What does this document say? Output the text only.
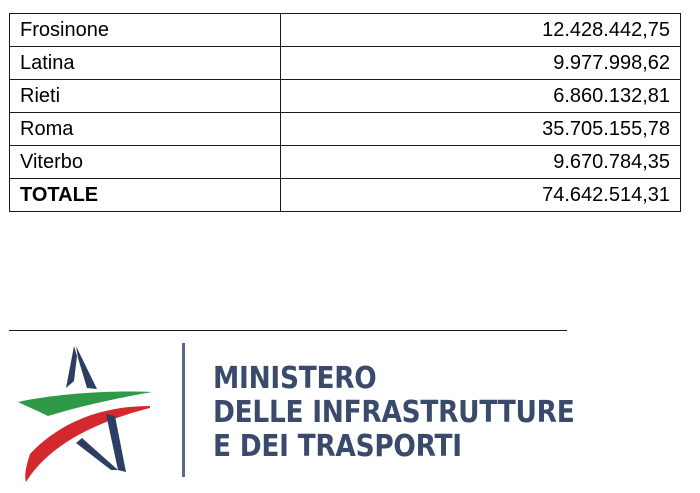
Frosinone	12.428.442,75
Latina	9.977.998,62
Rieti	6.860.132,81
Roma	35.705.155,78
Viterbo	9.670.784,35
TOTALE	74.642.514,31
MINISTERO
DELLE INFRASTRUTTURE
E DEI TRASPORTI
